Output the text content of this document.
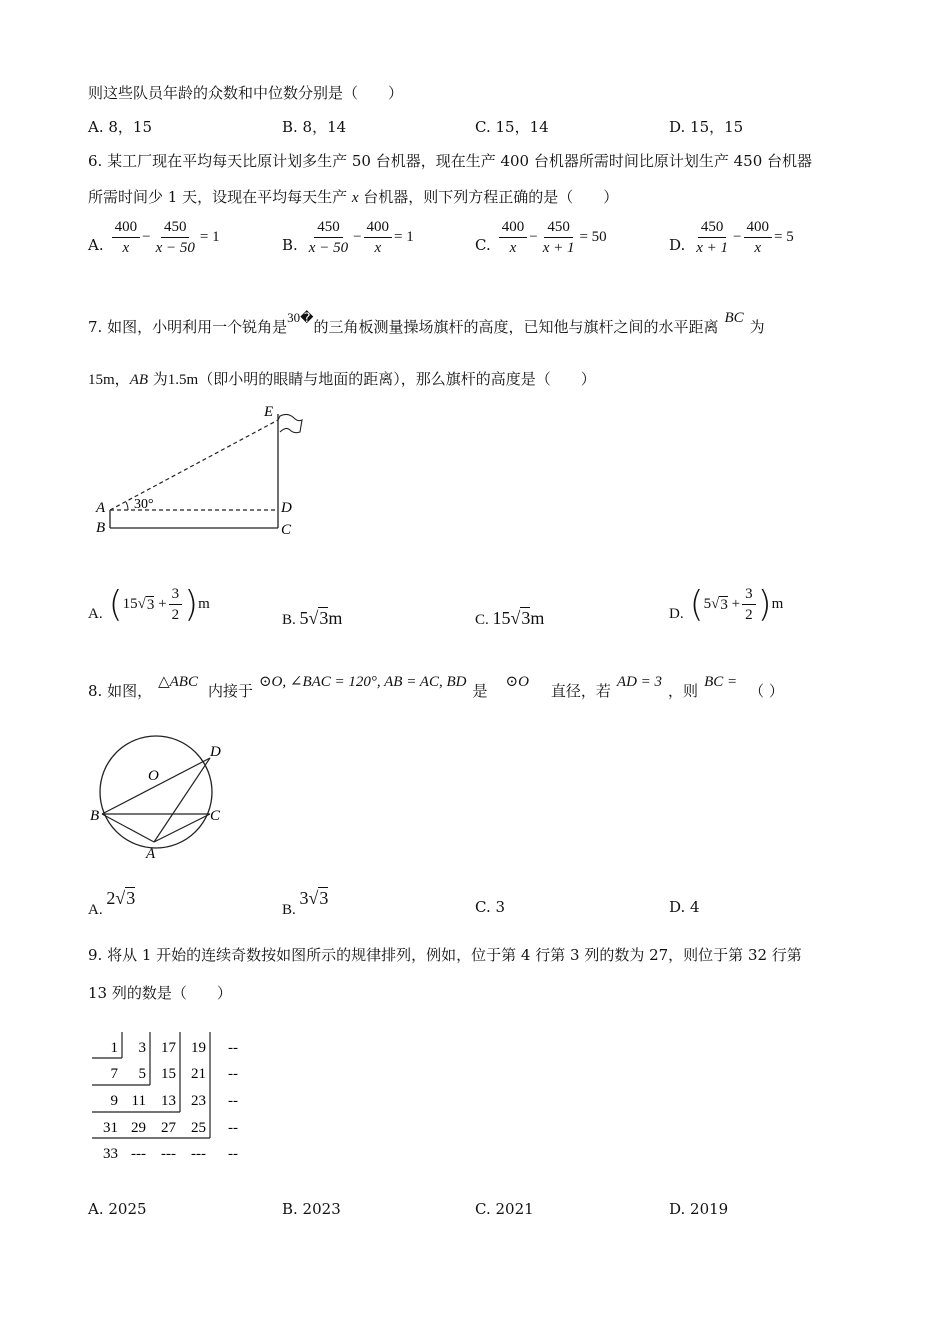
则这些队员年龄的众数和中位数分别是（　　）
A. 8，15	B. 8，14	C. 15，14	D. 15，15
6. 某工厂现在平均每天比原计划多生产 50 台机器，现在生产 400 台机器所需时间比原计划生产 450 台机器
所需时间少 1 天，设现在平均每天生产 x 台机器，则下列方程正确的是（　　）
A. $\frac{400}{x} - \frac{450}{x - 50} = 1$	B. $\frac{450}{x - 50} - \frac{400}{x} = 1$	C. $\frac{400}{x} - \frac{450}{x + 1} = 50$	D. $\frac{450}{x + 1} - \frac{400}{x} = 5$
7. 如图，小明利用一个锐角是30�的三角板测量操场旗杆的高度，已知他与旗杆之间的水平距离 BC 为
15m，AB 为1.5m（即小明的眼睛与地面的距离），那么旗杆的高度是（　　）
E
A
B
D
C
30°
A. ( 15 √ 3
+ $\frac{3}{2}$ ) m
B. 5√3m	C. 15√3m	D. ( 5 √ 3
+ $\frac{3}{2}$ ) m
8. 如图， △ABC 内接于 ⊙O, ∠BAC = 120°, AB = AC, BD 是 ⊙O 直径，若 AD = 3 ，则 BC = （ ）
O
B	C
D
A
A. 2√3
B. 3√3	C. 3	D. 4
9. 将从 1 开始的连续奇数按如图所示的规律排列，例如，位于第 4 行第 3 列的数为 27，则位于第 32 行第
13 列的数是（　　）
1 3 17 19 --
7 5 15 21 --
9 11 13 23 --
31 29 27 25 --
33 --- --- --- --
A. 2025	B. 2023	C. 2021	D. 2019
